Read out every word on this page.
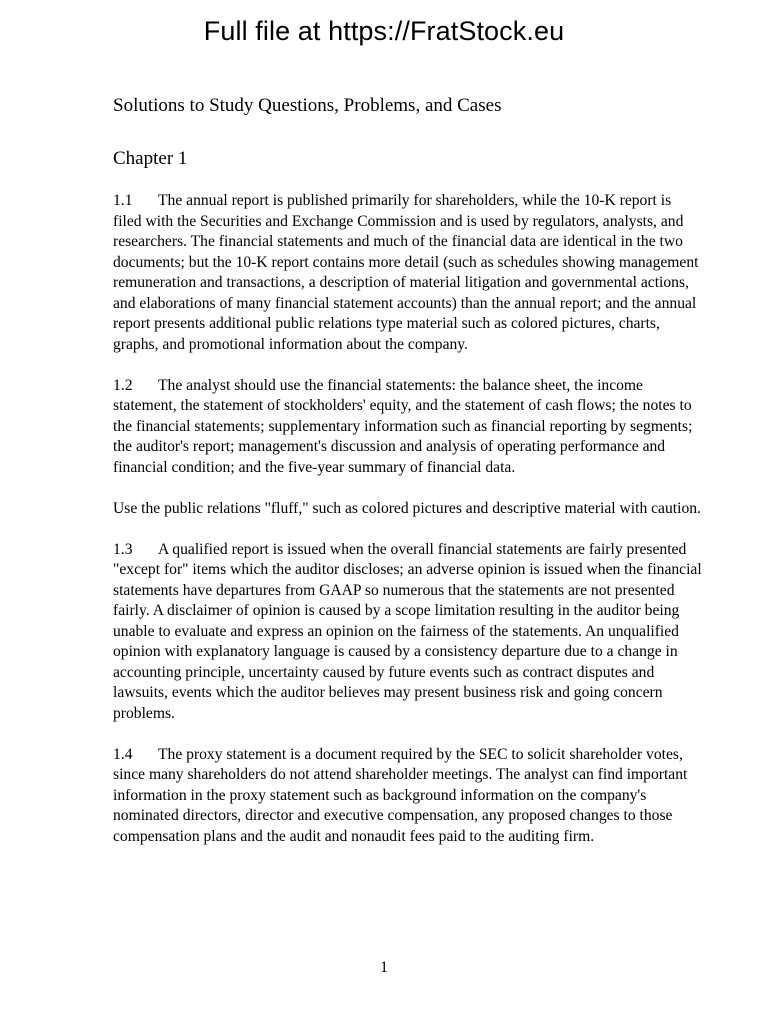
Full file at https://FratStock.eu
Solutions to Study Questions, Problems, and Cases
Chapter 1

1.1 The annual report is published primarily for shareholders, while the 10-K report is filed with the Securities and Exchange Commission and is used by regulators, analysts, and researchers. The financial statements and much of the financial data are identical in the two documents; but the 10-K report contains more detail (such as schedules showing management remuneration and transactions, a description of material litigation and governmental actions, and elaborations of many financial statement accounts) than the annual report; and the annual report presents additional public relations type material such as colored pictures, charts, graphs, and promotional information about the company.

1.2 The analyst should use the financial statements: the balance sheet, the income statement, the statement of stockholders' equity, and the statement of cash flows; the notes to the financial statements; supplementary information such as financial reporting by segments; the auditor's report; management's discussion and analysis of operating performance and financial condition; and the five-year summary of financial data.

Use the public relations "fluff," such as colored pictures and descriptive material with caution.

1.3 A qualified report is issued when the overall financial statements are fairly presented "except for" items which the auditor discloses; an adverse opinion is issued when the financial statements have departures from GAAP so numerous that the statements are not presented fairly. A disclaimer of opinion is caused by a scope limitation resulting in the auditor being unable to evaluate and express an opinion on the fairness of the statements. An unqualified opinion with explanatory language is caused by a consistency departure due to a change in accounting principle, uncertainty caused by future events such as contract disputes and lawsuits, events which the auditor believes may present business risk and going concern problems.

1.4 The proxy statement is a document required by the SEC to solicit shareholder votes, since many shareholders do not attend shareholder meetings. The analyst can find important information in the proxy statement such as background information on the company's nominated directors, director and executive compensation, any proposed changes to those compensation plans and the audit and nonaudit fees paid to the auditing firm.

1
